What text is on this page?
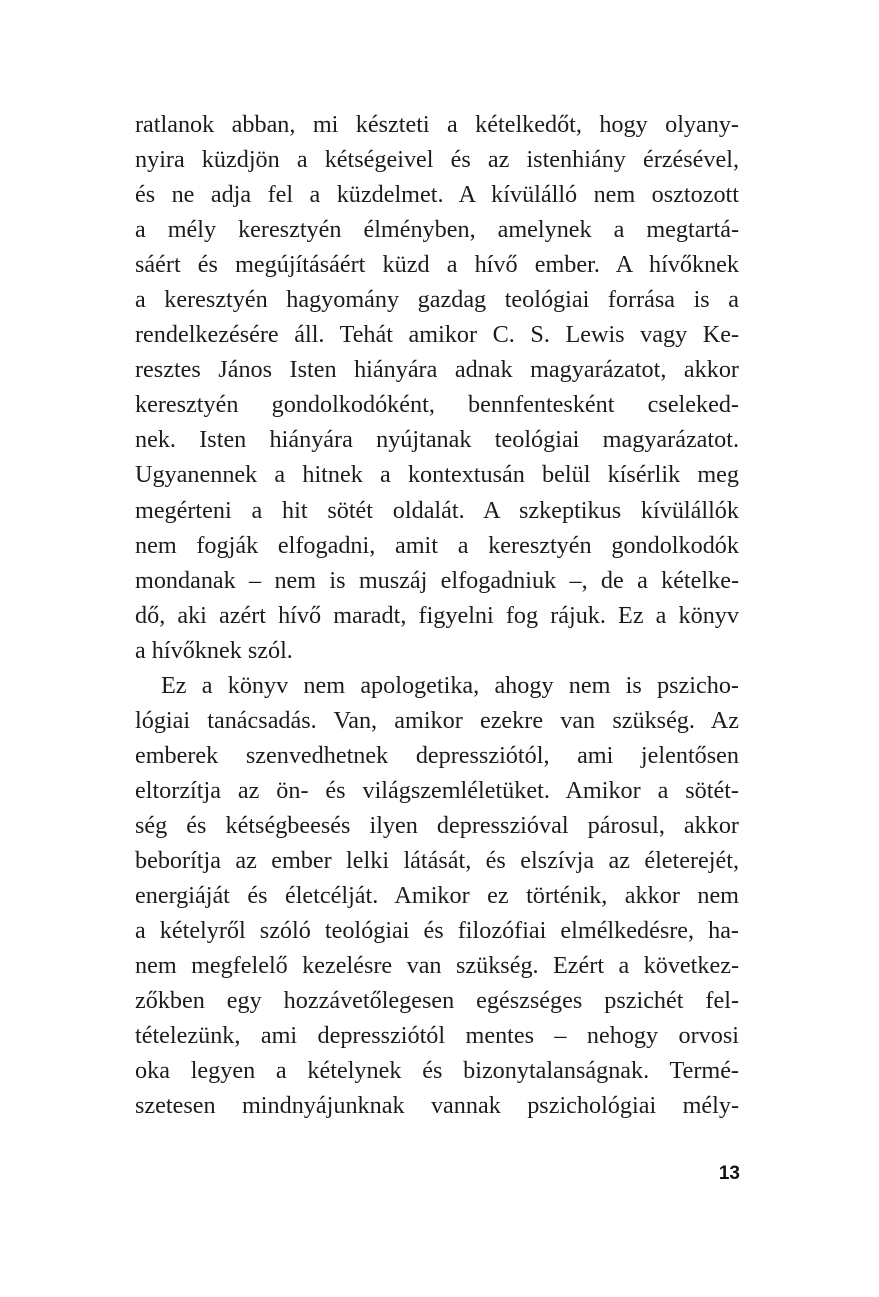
ratlanok abban, mi készteti a kételkedőt, hogy olyany-
nyira küzdjön a kétségeivel és az istenhiány érzésével,
és ne adja fel a küzdelmet. A kívülálló nem osztozott
a mély keresztyén élményben, amelynek a megtartá-
sáért és megújításáért küzd a hívő ember. A hívőknek
a keresztyén hagyomány gazdag teológiai forrása is a
rendelkezésére áll. Tehát amikor C. S. Lewis vagy Ke-
resztes János Isten hiányára adnak magyarázatot, akkor
keresztyén gondolkodóként, bennfentesként cseleked-
nek. Isten hiányára nyújtanak teológiai magyarázatot.
Ugyanennek a hitnek a kontextusán belül kísérlik meg
megérteni a hit sötét oldalát. A szkeptikus kívülállók
nem fogják elfogadni, amit a keresztyén gondolkodók
mondanak – nem is muszáj elfogadniuk –, de a kételke-
dő, aki azért hívő maradt, figyelni fog rájuk. Ez a könyv
a hívőknek szól.
Ez a könyv nem apologetika, ahogy nem is pszicho-
lógiai tanácsadás. Van, amikor ezekre van szükség. Az
emberek szenvedhetnek depressziótól, ami jelentősen
eltorzítja az ön- és világszemléletüket. Amikor a sötét-
ség és kétségbeesés ilyen depresszióval párosul, akkor
beborítja az ember lelki látását, és elszívja az életerejét,
energiáját és életcélját. Amikor ez történik, akkor nem
a kételyről szóló teológiai és filozófiai elmélkedésre, ha-
nem megfelelő kezelésre van szükség. Ezért a következ-
zőkben egy hozzávetőlegesen egészséges pszichét fel-
tételezünk, ami depressziótól mentes – nehogy orvosi
oka legyen a kételynek és bizonytalanságnak. Termé-
szetesen mindnyájunknak vannak pszichológiai mély-
13
